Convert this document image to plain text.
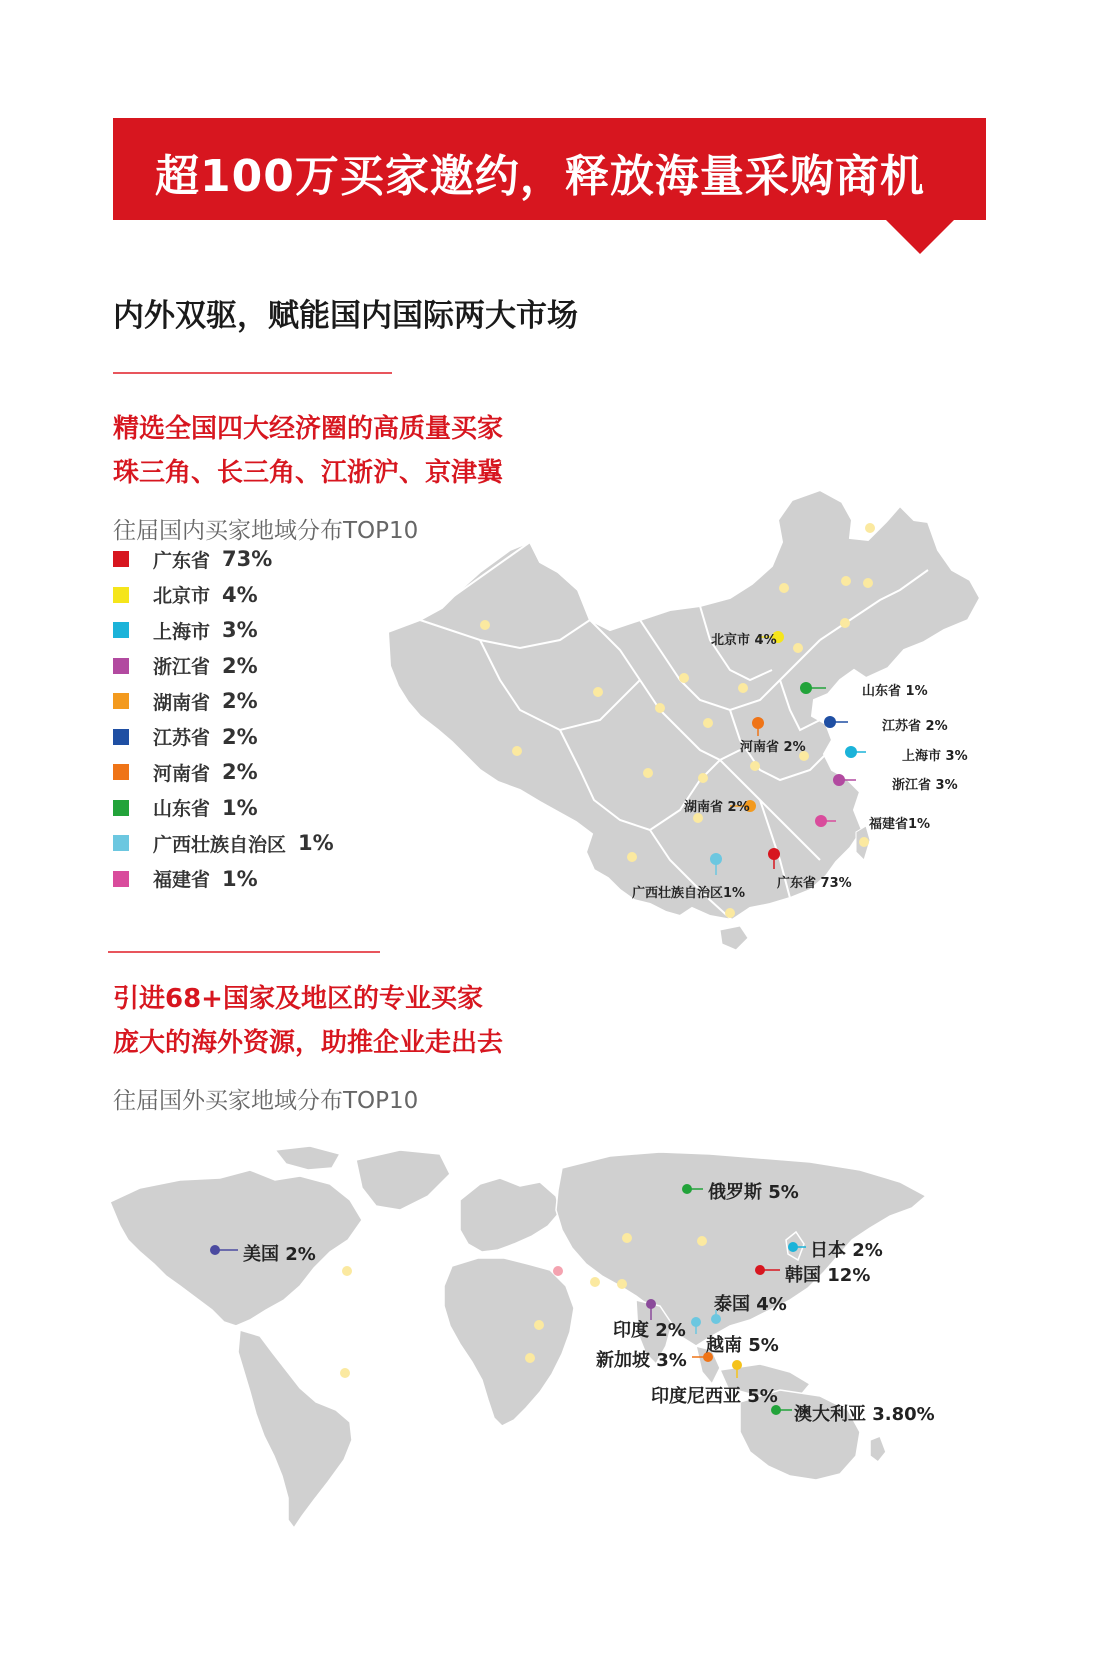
超100万买家邀约，释放海量采购商机
内外双驱，赋能国内国际两大市场
精选全国四大经济圈的高质量买家
珠三角、长三角、江浙沪、京津冀
往届国内买家地域分布TOP10
广东省 73%
北京市 4%
上海市 3%
浙江省 2%
湖南省 2%
江苏省 2%
河南省 2%
山东省 1%
广西壮族自治区 1%
福建省 1%
北京市 4%
山东省 1%
江苏省 2%
河南省 2%
上海市 3%
浙江省 3%
湖南省 2%
福建省1%
广西壮族自治区1%
广东省 73%
引进68+国家及地区的专业买家
庞大的海外资源，助推企业走出去
往届国外买家地域分布TOP10
俄罗斯 5%
美国 2%	日本 2%
韩国 12%
泰国 4%
印度 2%
越南 5%
新加坡 3%
印度尼西亚 5%
澳大利亚 3.80%
